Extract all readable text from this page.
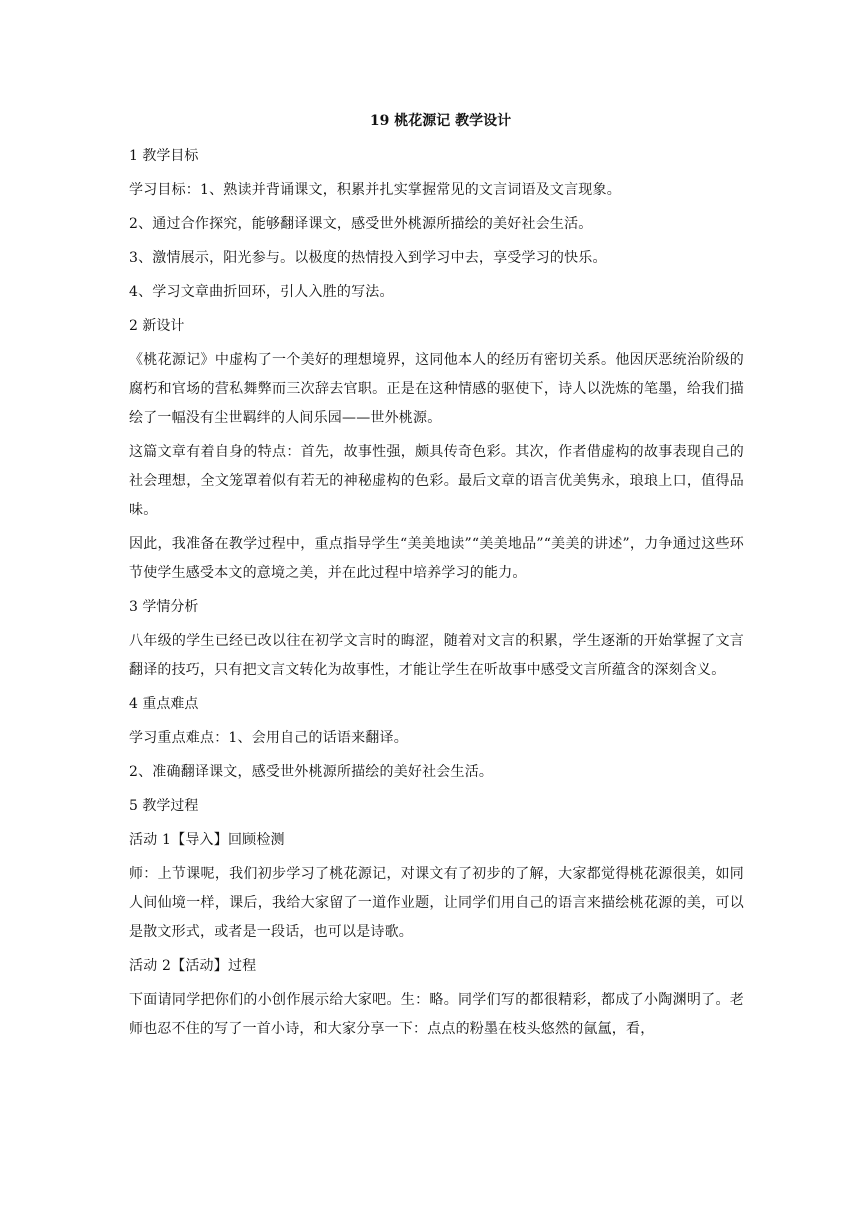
19 桃花源记 教学设计
1 教学目标
学习目标：1、熟读并背诵课文，积累并扎实掌握常见的文言词语及文言现象。
2、通过合作探究，能够翻译课文，感受世外桃源所描绘的美好社会生活。
3、激情展示，阳光参与。以极度的热情投入到学习中去，享受学习的快乐。
4、学习文章曲折回环，引人入胜的写法。
2 新设计
《桃花源记》中虚构了一个美好的理想境界，这同他本人的经历有密切关系。他因厌恶统治阶级的腐朽和官场的营私舞弊而三次辞去官职。正是在这种情感的驱使下，诗人以洗炼的笔墨，给我们描绘了一幅没有尘世羁绊的人间乐园——世外桃源。
这篇文章有着自身的特点：首先，故事性强，颇具传奇色彩。其次，作者借虚构的故事表现自己的社会理想，全文笼罩着似有若无的神秘虚构的色彩。最后文章的语言优美隽永，琅琅上口，值得品味。
因此，我准备在教学过程中，重点指导学生“美美地读”“美美地品”“美美的讲述”，力争通过这些环节使学生感受本文的意境之美，并在此过程中培养学习的能力。
3 学情分析
八年级的学生已经已改以往在初学文言时的晦涩，随着对文言的积累，学生逐渐的开始掌握了文言翻译的技巧，只有把文言文转化为故事性，才能让学生在听故事中感受文言所蕴含的深刻含义。
4 重点难点
学习重点难点：1、会用自己的话语来翻译。
2、准确翻译课文，感受世外桃源所描绘的美好社会生活。
5 教学过程
活动 1【导入】回顾检测
师：上节课呢，我们初步学习了桃花源记，对课文有了初步的了解，大家都觉得桃花源很美，如同人间仙境一样，课后，我给大家留了一道作业题，让同学们用自己的语言来描绘桃花源的美，可以是散文形式，或者是一段话，也可以是诗歌。
活动 2【活动】过程
下面请同学把你们的小创作展示给大家吧。生：略。同学们写的都很精彩，都成了小陶渊明了。老师也忍不住的写了一首小诗，和大家分享一下：点点的粉墨在枝头悠然的氤氲，看，
